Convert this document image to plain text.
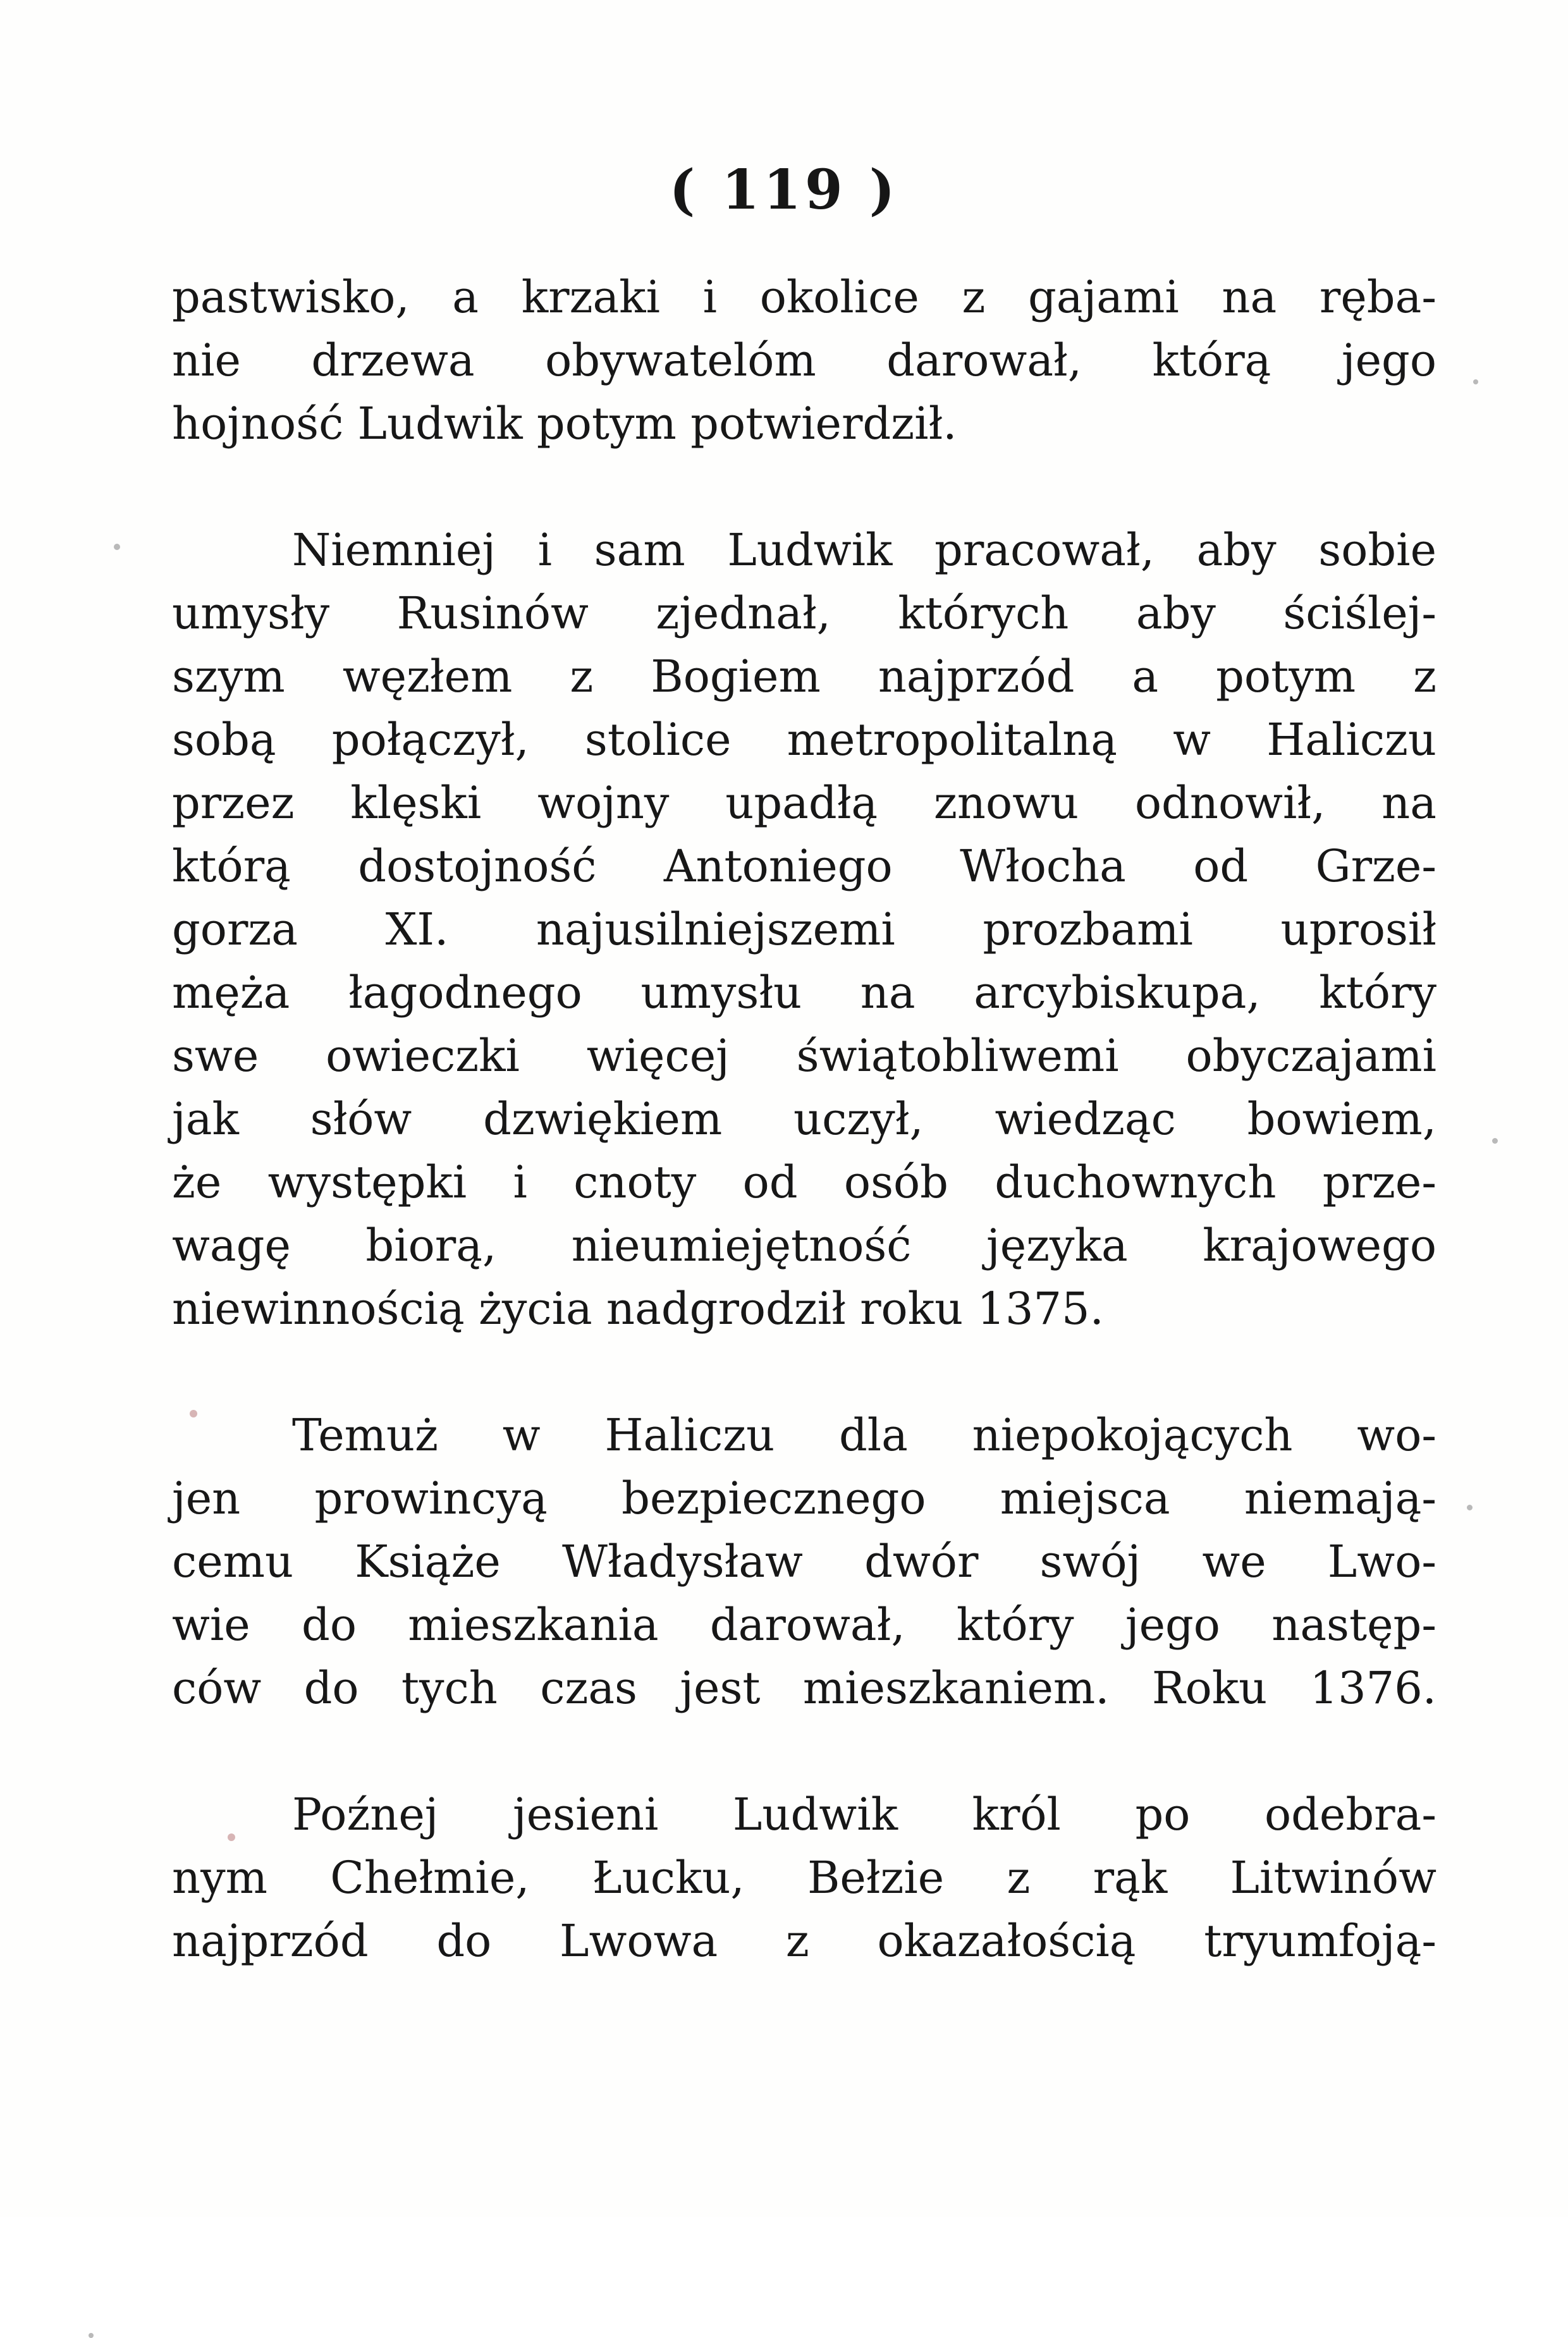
( 119 )
pastwisko, a krzaki i okolice z gajami na ręba-
nie drzewa obywatelóm darował, którą jego
hojność Ludwik potym potwierdził.
Niemniej i sam Ludwik pracował, aby sobie
umysły Rusinów zjednał, których aby ściślej-
szym węzłem z Bogiem najprzód a potym z
sobą połączył, stolice metropolitalną w Haliczu
przez klęski wojny upadłą znowu odnowił, na
którą dostojność Antoniego Włocha od Grze-
gorza XI. najusilniejszemi prozbami uprosił
męża łagodnego umysłu na arcybiskupa, który
swe owieczki więcej świątobliwemi obyczajami
jak słów dzwiękiem uczył, wiedząc bowiem,
że występki i cnoty od osób duchownych prze-
wagę biorą, nieumiejętność języka krajowego
niewinnością życia nadgrodził roku 1375.
Temuż w Haliczu dla niepokojących wo-
jen prowincyą bezpiecznego miejsca niemają-
cemu Książe Władysław dwór swój we Lwo-
wie do mieszkania darował, który jego następ-
ców do tych czas jest mieszkaniem. Roku 1376.
Poźnej jesieni Ludwik król po odebra-
nym Chełmie, Łucku, Bełzie z rąk Litwinów
najprzód do Lwowa z okazałością tryumfoją-
